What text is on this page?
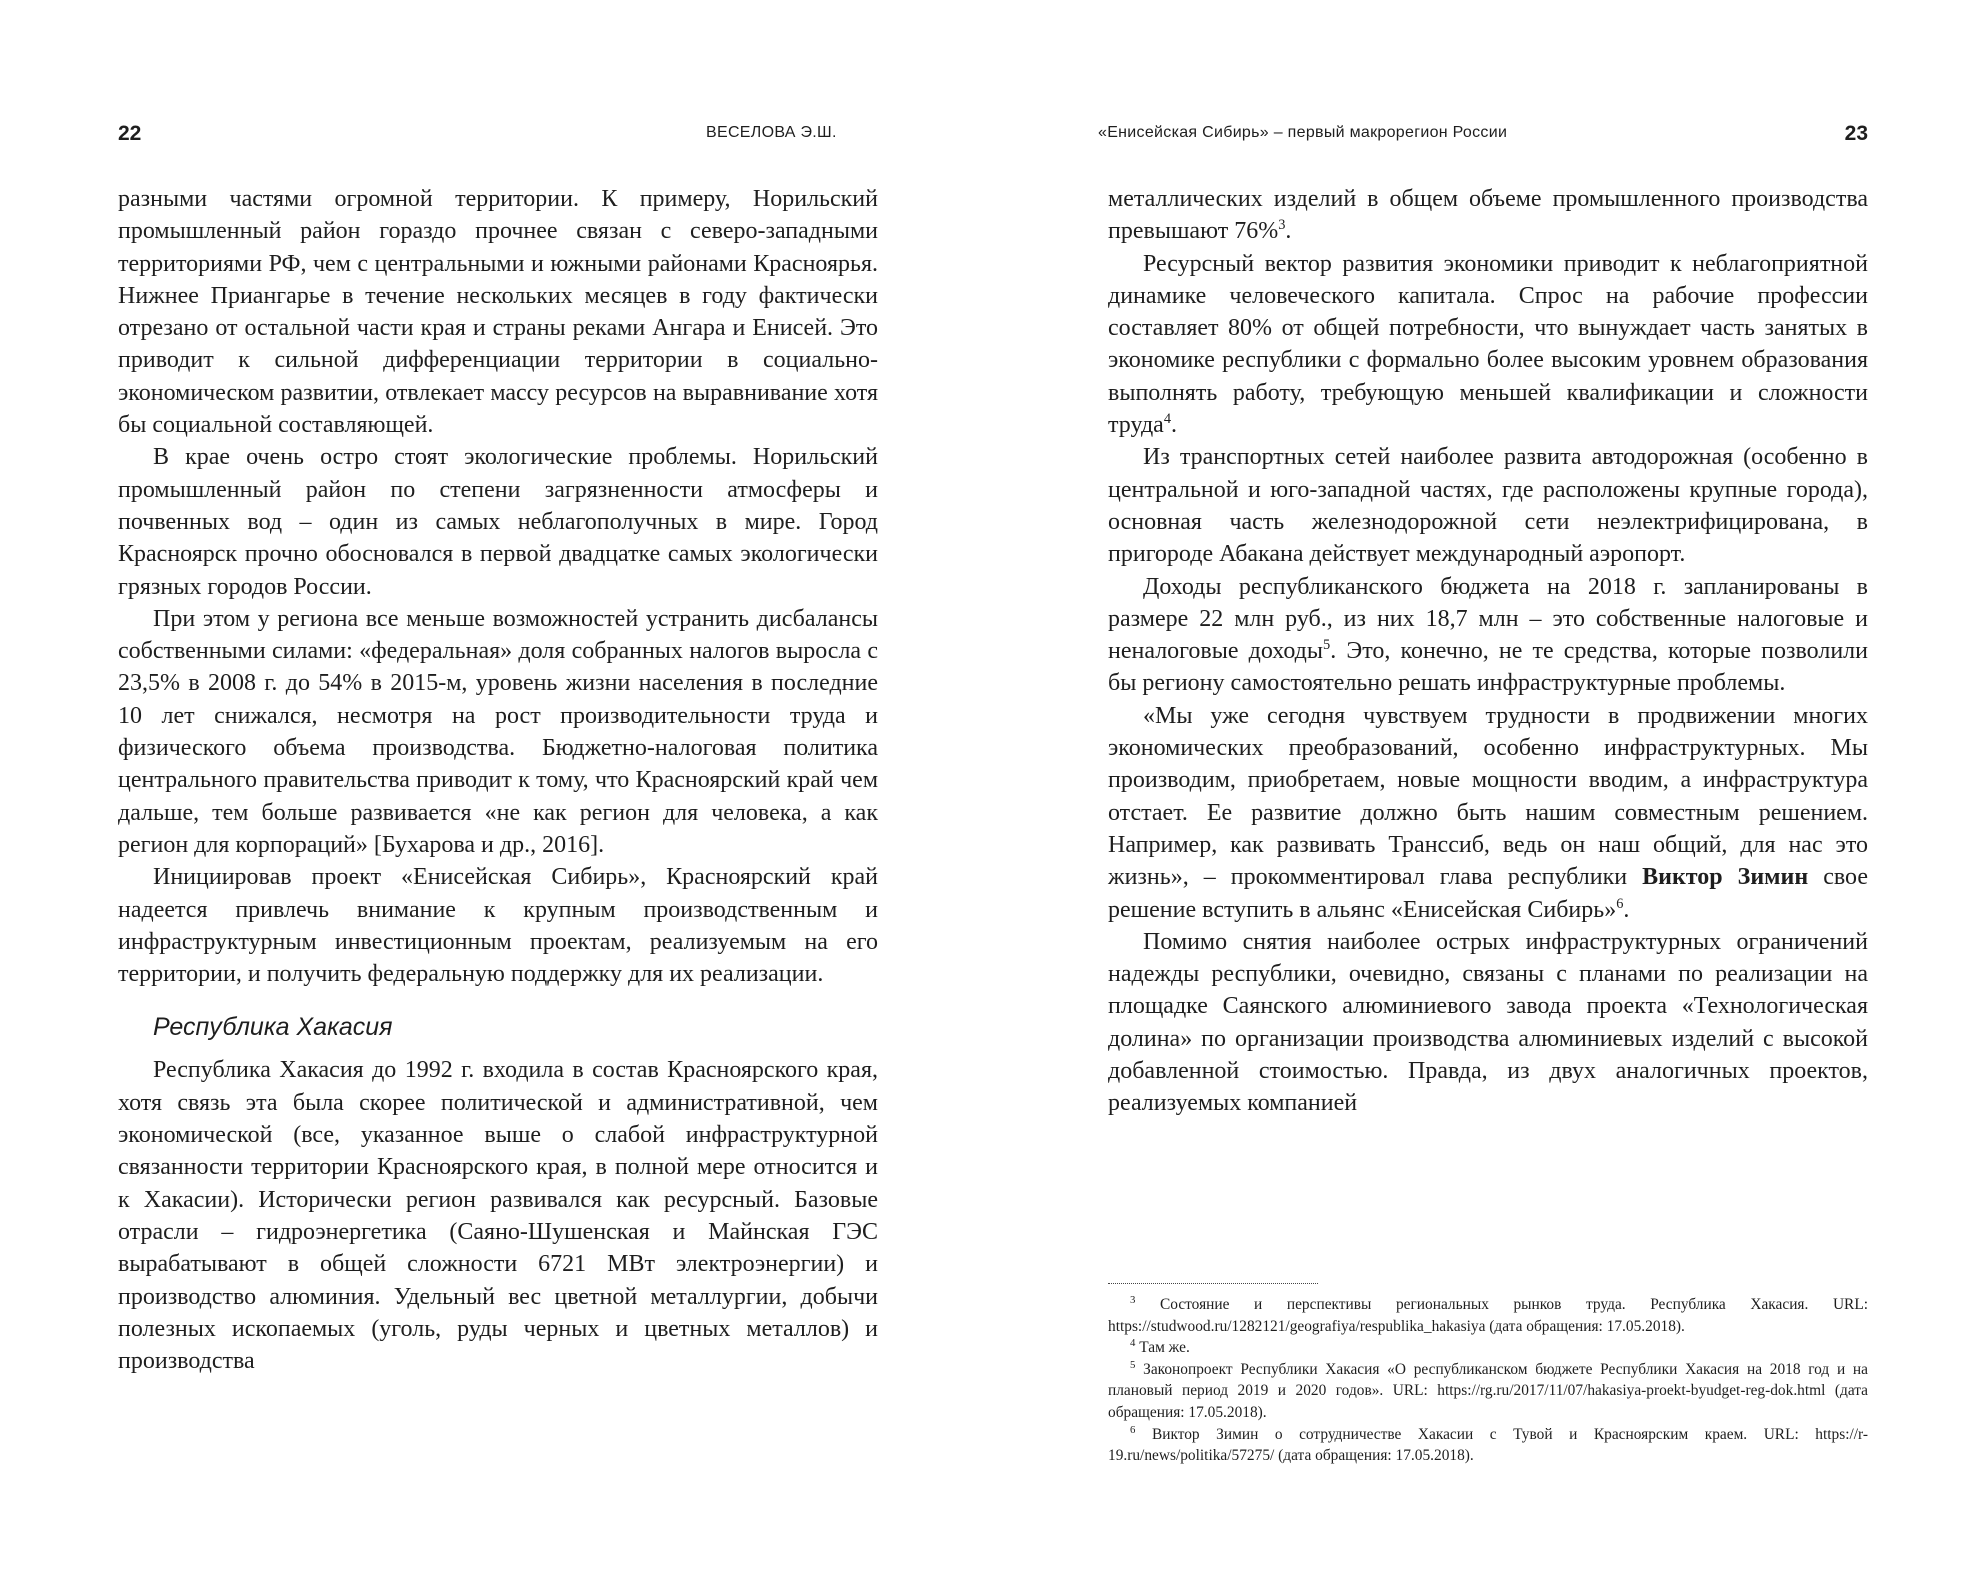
22	ВЕСЕЛОВА Э.Ш.

разными частями огромной территории. К примеру, Норильский промышленный район гораздо прочнее связан с северо-западными территориями РФ, чем с центральными и южными районами Красноярья. Нижнее Приангарье в течение нескольких месяцев в году фактически отрезано от остальной части края и страны реками Ангара и Енисей. Это приводит к сильной дифференциации территории в социально-экономическом развитии, отвлекает массу ресурсов на выравнивание хотя бы социальной составляющей.

В крае очень остро стоят экологические проблемы. Норильский промышленный район по степени загрязненности атмосферы и почвенных вод – один из самых неблагополучных в мире. Город Красноярск прочно обосновался в первой двадцатке самых экологически грязных городов России.

При этом у региона все меньше возможностей устранить дисбалансы собственными силами: «федеральная» доля собранных налогов выросла с 23,5% в 2008 г. до 54% в 2015-м, уровень жизни населения в последние 10 лет снижался, несмотря на рост производительности труда и физического объема производства. Бюджетно-налоговая политика центрального правительства приводит к тому, что Красноярский край чем дальше, тем больше развивается «не как регион для человека, а как регион для корпораций» [Бухарова и др., 2016].

Инициировав проект «Енисейская Сибирь», Красноярский край надеется привлечь внимание к крупным производственным и инфраструктурным инвестиционным проектам, реализуемым на его территории, и получить федеральную поддержку для их реализации.

Республика Хакасия

Республика Хакасия до 1992 г. входила в состав Красноярского края, хотя связь эта была скорее политической и административной, чем экономической (все, указанное выше о слабой инфраструктурной связанности территории Красноярского края, в полной мере относится и к Хакасии). Исторически регион развивался как ресурсный. Базовые отрасли – гидроэнергетика (Саяно-Шушенская и Майнская ГЭС вырабатывают в общей сложности 6721 МВт электроэнергии) и производство алюминия. Удельный вес цветной металлургии, добычи полезных ископаемых (уголь, руды черных и цветных металлов) и производства

«Енисейская Сибирь» – первый макрорегион России	23

металлических изделий в общем объеме промышленного производства превышают 76%$^3$.

Ресурсный вектор развития экономики приводит к неблагоприятной динамике человеческого капитала. Спрос на рабочие профессии составляет 80% от общей потребности, что вынуждает часть занятых в экономике республики с формально более высоким уровнем образования выполнять работу, требующую меньшей квалификации и сложности труда$^4$.

Из транспортных сетей наиболее развита автодорожная (особенно в центральной и юго-западной частях, где расположены крупные города), основная часть железнодорожной сети неэлектрифицирована, в пригороде Абакана действует международный аэропорт.

Доходы республиканского бюджета на 2018 г. запланированы в размере 22 млн руб., из них 18,7 млн – это собственные налоговые и неналоговые доходы$^5$. Это, конечно, не те средства, которые позволили бы региону самостоятельно решать инфраструктурные проблемы.

«Мы уже сегодня чувствуем трудности в продвижении многих экономических преобразований, особенно инфраструктурных. Мы производим, приобретаем, новые мощности вводим, а инфраструктура отстает. Ее развитие должно быть нашим совместным решением. Например, как развивать Транссиб, ведь он наш общий, для нас это жизнь», – прокомментировал глава республики Виктор Зимин свое решение вступить в альянс «Енисейская Сибирь»$^6$.

Помимо снятия наиболее острых инфраструктурных ограничений надежды республики, очевидно, связаны с планами по реализации на площадке Саянского алюминиевого завода проекта «Технологическая долина» по организации производства алюминиевых изделий с высокой добавленной стоимостью. Правда, из двух аналогичных проектов, реализуемых компанией

$^3$ Состояние и перспективы региональных рынков труда. Республика Хакасия. URL: https://studwood.ru/1282121/geografiya/respublika_hakasiya (дата обращения: 17.05.2018).

$^4$ Там же.

$^5$ Законопроект Республики Хакасия «О республиканском бюджете Республики Хакасия на 2018 год и на плановый период 2019 и 2020 годов». URL: https://rg.ru/2017/11/07/hakasiya-proekt-byudget-reg-dok.html (дата обращения: 17.05.2018).

$^6$ Виктор Зимин о сотрудничестве Хакасии с Тувой и Красноярским краем. URL: https://r-19.ru/news/politika/57275/ (дата обращения: 17.05.2018).
